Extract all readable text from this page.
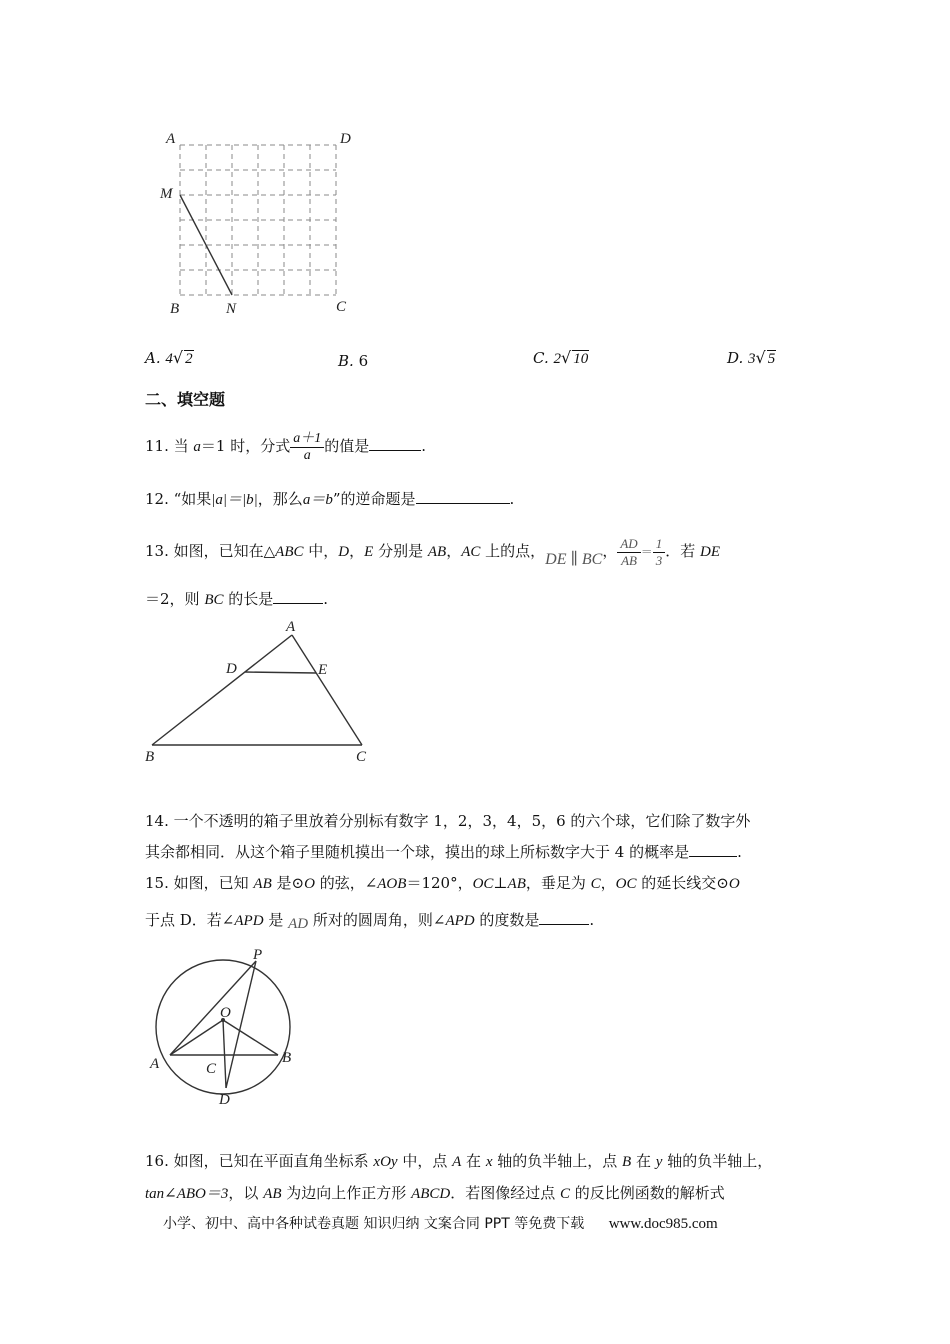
A	D
M
B	N	C
A. 4√ 2	B. 6	C. 2√ 10	D. 3√ 5
二、填空题
11. 当 a＝1 时，分式 $\frac{a+1}{a}$ 的值是	.
12. “如果|a|＝|b|，那么a＝b”的逆命题是	.
13. 如图，已知在△ABC 中，D，E 分别是 AB，AC 上的点，DE ∥ BC， $\frac{AD}{AB} = \frac{1}{3}$ ．若 DE
＝2，则 BC 的长是	.
A
D	E
B	C
14. 一个不透明的箱子里放着分别标有数字 1，2，3，4，5，6 的六个球，它们除了数字外
其余都相同．从这个箱子里随机摸出一个球，摸出的球上所标数字大于 4 的概率是	.
15. 如图，已知 AB 是⊙O 的弦，∠AOB＝120°，OC⊥AB，垂足为 C，OC 的延长线交⊙O
于点 D．若∠APD 是 AD 所对的圆周角，则∠APD 的度数是	.
P
O
A	C
B
D
16. 如图，已知在平面直角坐标系 xOy 中，点 A 在 x 轴的负半轴上，点 B 在 y 轴的负半轴上，
tan∠ABO＝3，以 AB 为边向上作正方形 ABCD．若图像经过点 C 的反比例函数的解析式
小学、初中、高中各种试卷真题 知识归纳 文案合同 PPT 等免费下载 www.doc985.com
